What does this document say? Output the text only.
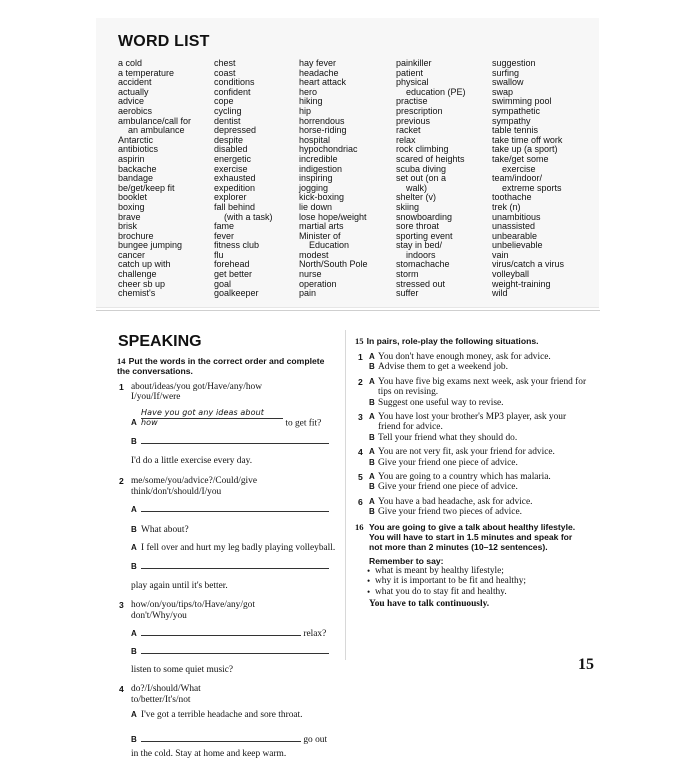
WORD LIST
a cold
a temperature
accident
actually
advice
aerobics
ambulance/call for
an ambulance
Antarctic
antibiotics
aspirin
backache
bandage
be/get/keep fit
booklet
boxing
brave
brisk
brochure
bungee jumping
cancer
catch up with
challenge
cheer sb up
chemist's
chest
coast
conditions
confident
cope
cycling
dentist
depressed
despite
disabled
energetic
exercise
exhausted
expedition
explorer
fall behind
(with a task)
fame
fever
fitness club
flu
forehead
get better
goal
goalkeeper
hay fever
headache
heart attack
hero
hiking
hip
horrendous
horse-riding
hospital
hypochondriac
incredible
indigestion
inspiring
jogging
kick-boxing
lie down
lose hope/weight
martial arts
Minister of
Education
modest
North/South Pole
nurse
operation
pain
painkiller
patient
physical
education (PE)
practise
prescription
previous
racket
relax
rock climbing
scared of heights
scuba diving
set out (on a
walk)
shelter (v)
skiing
snowboarding
sore throat
sporting event
stay in bed/
indoors
stomachache
storm
stressed out
suffer
suggestion
surfing
swallow
swap
swimming pool
sympathetic
sympathy
table tennis
take time off work
take up (a sport)
take/get some
exercise
team/indoor/
extreme sports
toothache
trek (n)
unambitious
unassisted
unbearable
unbelievable
vain
virus/catch a virus
volleyball
weight-training
wild
SPEAKING
14 Put the words in the correct order and complete the conversations.
1 about/ideas/you got/Have/any/how I/you/If/were
AHave you got any ideas about how	to get fit?
B
I'd do a little exercise every day.
2 me/some/you/advice?/Could/give think/don't/should/I/you
A
B What about?
A I fell over and hurt my leg badly playing volleyball.
B
play again until it's better.
3 how/on/you/tips/to/Have/any/got don't/Why/you
A	relax?
B
listen to some quiet music?
4 do?/I/should/What to/better/It's/not
A I've got a terrible headache and sore throat.
B	go out
in the cold. Stay at home and keep warm.
15 In pairs, role-play the following situations.
1 A You don't have enough money, ask for advice.
B Advise them to get a weekend job.
2 A You have five big exams next week, ask your friend for tips on revising.
B Suggest one useful way to revise.
3 A You have lost your brother's MP3 player, ask your friend for advice.
B Tell your friend what they should do.
4 A You are not very fit, ask your friend for advice.
B Give your friend one piece of advice.
5 A You are going to a country which has malaria.
B Give your friend one piece of advice.
6 A You have a bad headache, ask for advice.
B Give your friend two pieces of advice.
16 You are going to give a talk about healthy lifestyle. You will have to start in 1.5 minutes and speak for not more than 2 minutes (10–12 sentences).
Remember to say:
• what is meant by healthy lifestyle;
• why it is important to be fit and healthy;
• what you do to stay fit and healthy.
You have to talk continuously.
15
